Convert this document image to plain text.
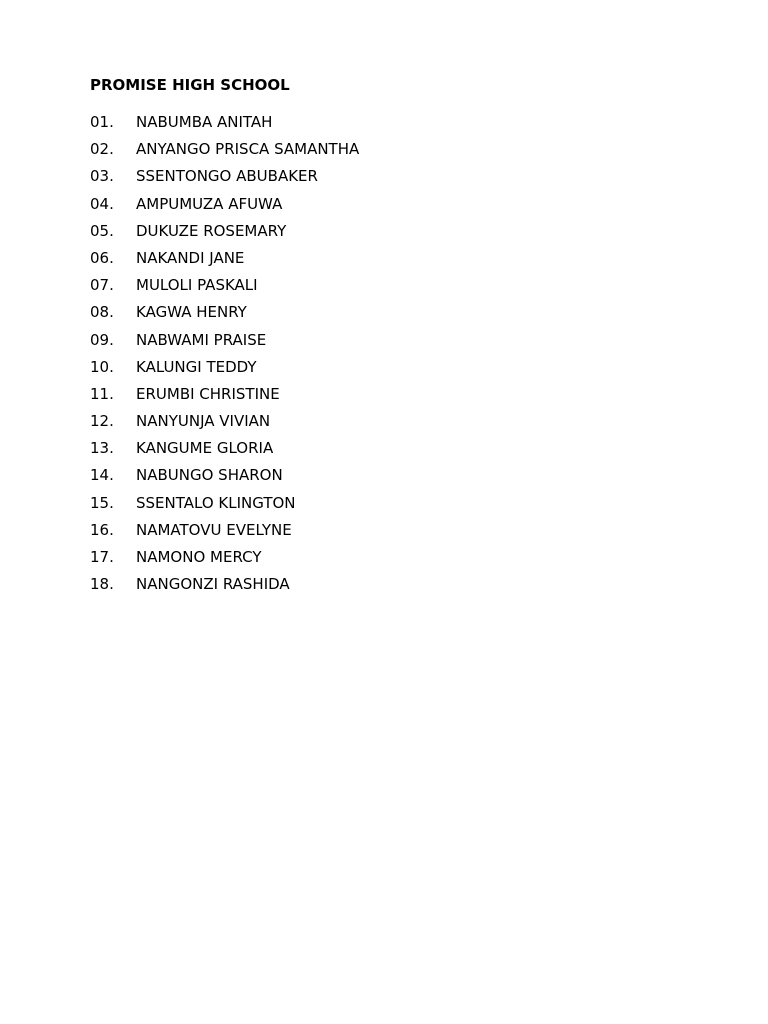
PROMISE HIGH SCHOOL
01. NABUMBA ANITAH
02. ANYANGO PRISCA SAMANTHA
03. SSENTONGO ABUBAKER
04. AMPUMUZA AFUWA
05. DUKUZE ROSEMARY
06. NAKANDI JANE
07. MULOLI PASKALI
08. KAGWA HENRY
09. NABWAMI PRAISE
10. KALUNGI TEDDY
11. ERUMBI CHRISTINE
12. NANYUNJA VIVIAN
13. KANGUME GLORIA
14. NABUNGO SHARON
15. SSENTALO KLINGTON
16. NAMATOVU EVELYNE
17. NAMONO MERCY
18. NANGONZI RASHIDA
